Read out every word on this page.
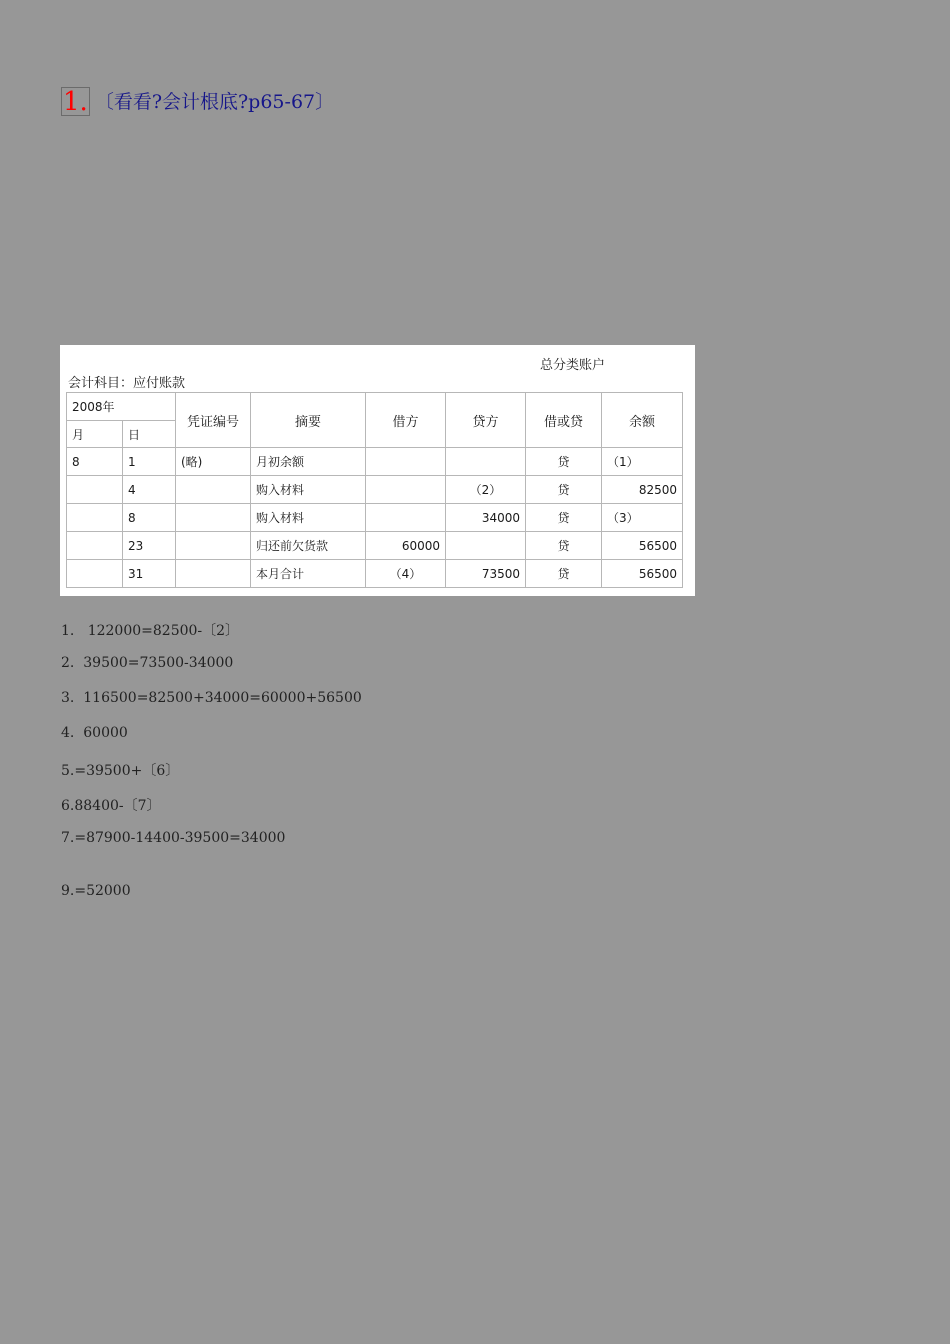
1. 〔看看?会计根底?p65-67〕
总分类账户
会计科目：应付账款
2008年		凭证编号	摘要	借方	贷方	借或贷	余额
月	日						
8	1	(略)	月初余额			贷	（1）
	4		购入材料		（2）	贷	82500
	8		购入材料		34000	贷	（3）
	23		归还前欠货款	60000		贷	56500
	31		本月合计	（4）	73500	贷	56500
1.   122000=82500-〔2〕
2.  39500=73500-34000
3.  116500=82500+34000=60000+56500
4.  60000
5.=39500+〔6〕
6.88400-〔7〕
7.=87900-14400-39500=34000
9.=52000
